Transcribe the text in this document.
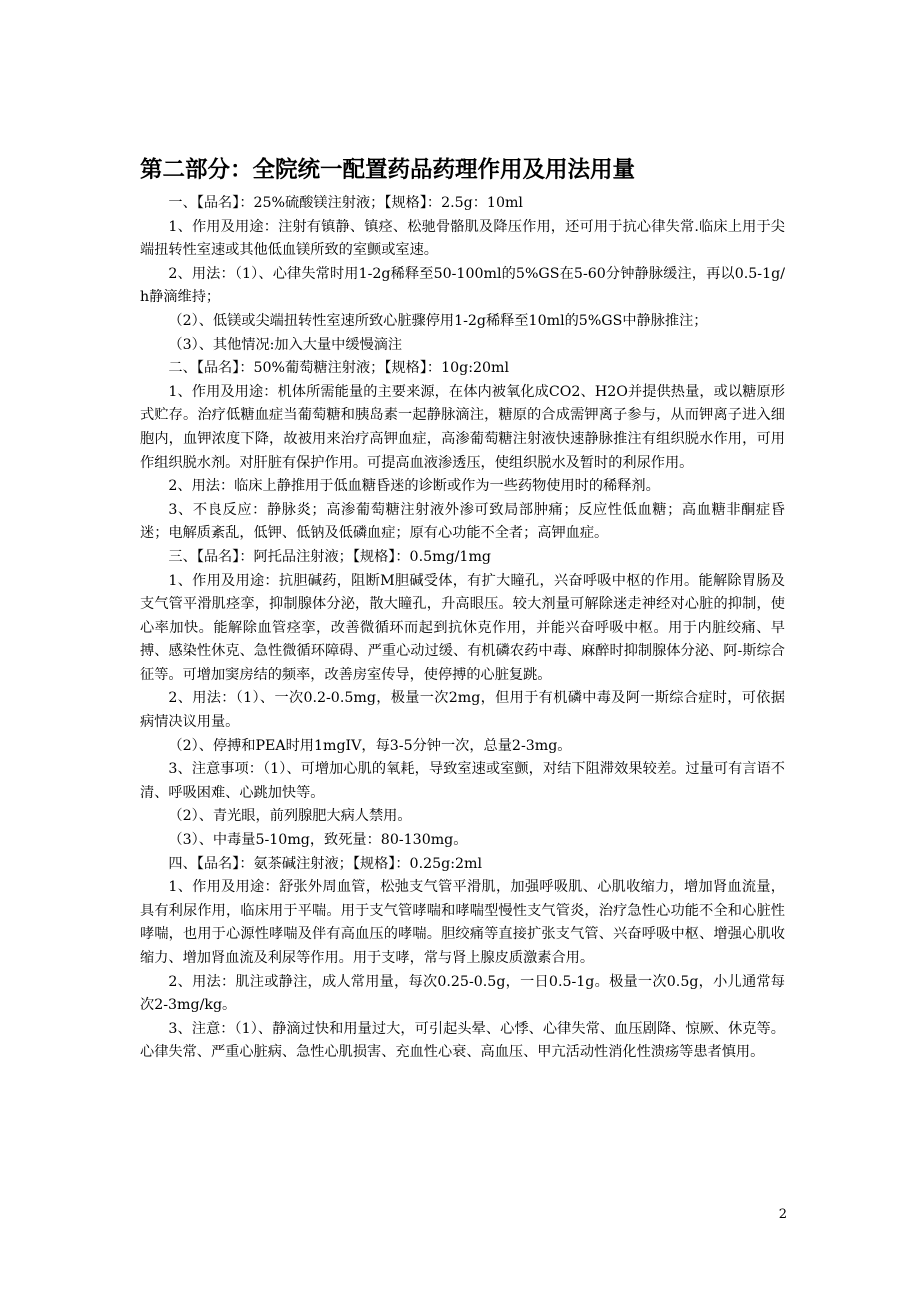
第二部分：全院统一配置药品药理作用及用法用量

一、【品名】：25%硫酸镁注射液；【规格】：2.5g：10ml

1、作用及用途：注射有镇静、镇痉、松驰骨骼肌及降压作用，还可用于抗心律失常.临床上用于尖端扭转性室速或其他低血镁所致的室颤或室速。

2、用法：（1）、心律失常时用1-2g稀释至50-100ml的5%GS在5-60分钟静脉缓注，再以0.5-1g/h静滴维持；

（2）、低镁或尖端扭转性室速所致心脏骤停用1-2g稀释至10ml的5%GS中静脉推注；

（3）、其他情况:加入大量中缓慢滴注

二、【品名】：50%葡萄糖注射液；【规格】：10g:20ml

1、作用及用途：机体所需能量的主要来源，在体内被氧化成CO2、H2O并提供热量，或以糖原形式贮存。治疗低糖血症当葡萄糖和胰岛素一起静脉滴注，糖原的合成需钾离子参与，从而钾离子进入细胞内，血钾浓度下降，故被用来治疗高钾血症，高渗葡萄糖注射液快速静脉推注有组织脱水作用，可用作组织脱水剂。对肝脏有保护作用。可提高血液渗透压，使组织脱水及暂时的利尿作用。

2、用法：临床上静推用于低血糖昏迷的诊断或作为一些药物使用时的稀释剂。

3、不良反应：静脉炎；高渗葡萄糖注射液外渗可致局部肿痛；反应性低血糖；高血糖非酮症昏迷；电解质紊乱，低钾、低钠及低磷血症；原有心功能不全者；高钾血症。

三、【品名】：阿托品注射液；【规格】：0.5mg/1mg

1、作用及用途：抗胆碱药，阻断M胆碱受体，有扩大瞳孔，兴奋呼吸中枢的作用。能解除胃肠及支气管平滑肌痉挛，抑制腺体分泌，散大瞳孔，升高眼压。较大剂量可解除迷走神经对心脏的抑制，使心率加快。能解除血管痉挛，改善微循环而起到抗休克作用，并能兴奋呼吸中枢。用于内脏绞痛、早搏、感染性休克、急性微循环障碍、严重心动过缓、有机磷农药中毒、麻醉时抑制腺体分泌、阿-斯综合征等。可增加窦房结的频率，改善房室传导，使停搏的心脏复跳。

2、用法：（1）、一次0.2-0.5mg，极量一次2mg，但用于有机磷中毒及阿一斯综合症时，可依据病情决议用量。

（2）、停搏和PEA时用1mgIV，每3-5分钟一次，总量2-3mg。

3、注意事项：（1）、可增加心肌的氧耗，导致室速或室颤，对结下阻滞效果较差。过量可有言语不清、呼吸困难、心跳加快等。

（2）、青光眼，前列腺肥大病人禁用。

（3）、中毒量5-10mg，致死量：80-130mg。

四、【品名】：氨茶碱注射液；【规格】：0.25g:2ml

1、作用及用途：舒张外周血管，松弛支气管平滑肌，加强呼吸肌、心肌收缩力，增加肾血流量，具有利尿作用，临床用于平喘。用于支气管哮喘和哮喘型慢性支气管炎，治疗急性心功能不全和心脏性哮喘，也用于心源性哮喘及伴有高血压的哮喘。胆绞痛等直接扩张支气管、兴奋呼吸中枢、增强心肌收缩力、增加肾血流及利尿等作用。用于支哮，常与肾上腺皮质激素合用。

2、用法：肌注或静注，成人常用量，每次0.25-0.5g，一日0.5-1g。极量一次0.5g，小儿通常每次2-3mg/kg。

3、注意：（1）、静滴过快和用量过大，可引起头晕、心悸、心律失常、血压剧降、惊厥、休克等。心律失常、严重心脏病、急性心肌损害、充血性心衰、高血压、甲亢活动性消化性溃疡等患者慎用。

2
